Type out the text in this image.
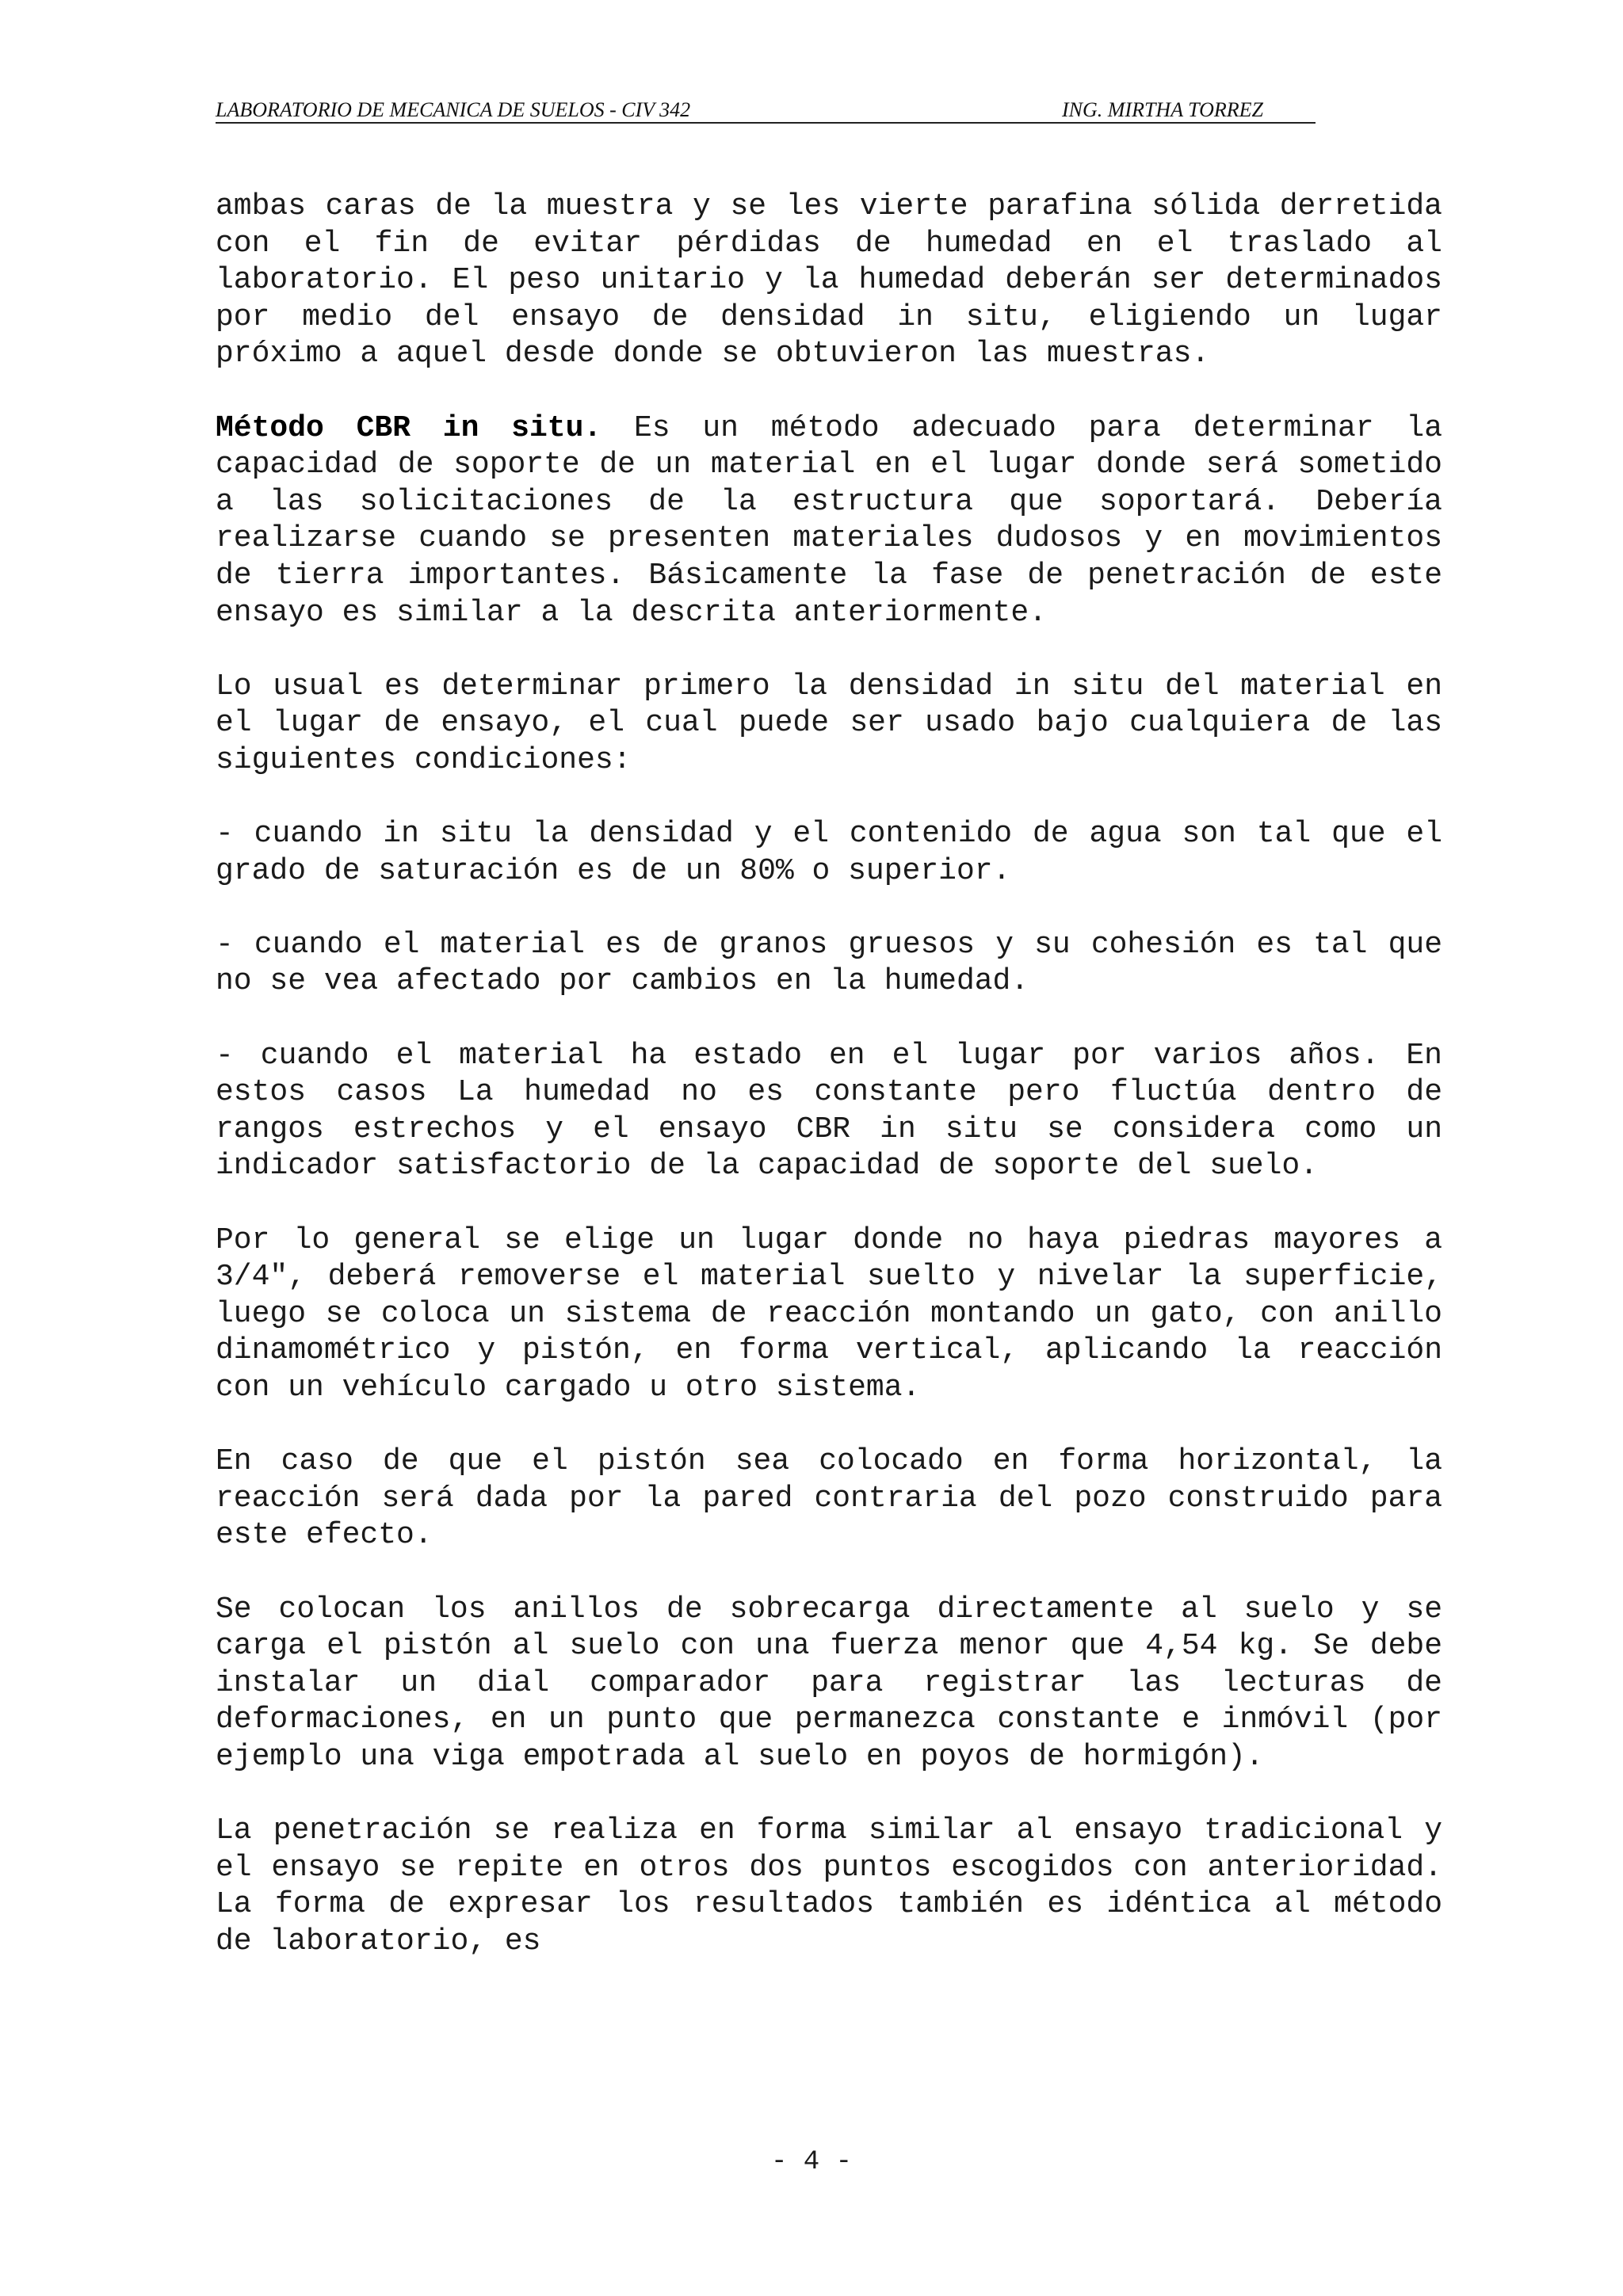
LABORATORIO DE MECANICA DE SUELOS - CIV 342	ING. MIRTHA TORREZ

ambas caras de la muestra y se les vierte parafina sólida derretida con el fin de evitar pérdidas de humedad en el traslado al laboratorio. El peso unitario y la humedad deberán ser determinados por medio del ensayo de densidad in situ, eligiendo un lugar próximo a aquel desde donde se obtuvieron las muestras.

Método CBR in situ. Es un método adecuado para determinar la capacidad de soporte de un material en el lugar donde será sometido a las solicitaciones de la estructura que soportará. Debería realizarse cuando se presenten materiales dudosos y en movimientos de tierra importantes. Básicamente la fase de penetración de este ensayo es similar a la descrita anteriormente.

Lo usual es determinar primero la densidad in situ del material en el lugar de ensayo, el cual puede ser usado bajo cualquiera de las siguientes condiciones:

- cuando in situ la densidad y el contenido de agua son tal que el grado de saturación es de un 80% o superior.

- cuando el material es de granos gruesos y su cohesión es tal que no se vea afectado por cambios en la humedad.

- cuando el material ha estado en el lugar por varios años. En estos casos La humedad no es constante pero fluctúa dentro de rangos estrechos y el ensayo CBR in situ se considera como un indicador satisfactorio de la capacidad de soporte del suelo.

Por lo general se elige un lugar donde no haya piedras mayores a 3/4", deberá removerse el material suelto y nivelar la superficie, luego se coloca un sistema de reacción montando un gato, con anillo dinamométrico y pistón, en forma vertical, aplicando la reacción con un vehículo cargado u otro sistema.

En caso de que el pistón sea colocado en forma horizontal, la reacción será dada por la pared contraria del pozo construido para este efecto.

Se colocan los anillos de sobrecarga directamente al suelo y se carga el pistón al suelo con una fuerza menor que 4,54 kg. Se debe instalar un dial comparador para registrar las lecturas de deformaciones, en un punto que permanezca constante e inmóvil (por ejemplo una viga empotrada al suelo en poyos de hormigón).

La penetración se realiza en forma similar al ensayo tradicional y el ensayo se repite en otros dos puntos escogidos con anterioridad. La forma de expresar los resultados también es idéntica al método de laboratorio, es

- 4 -
